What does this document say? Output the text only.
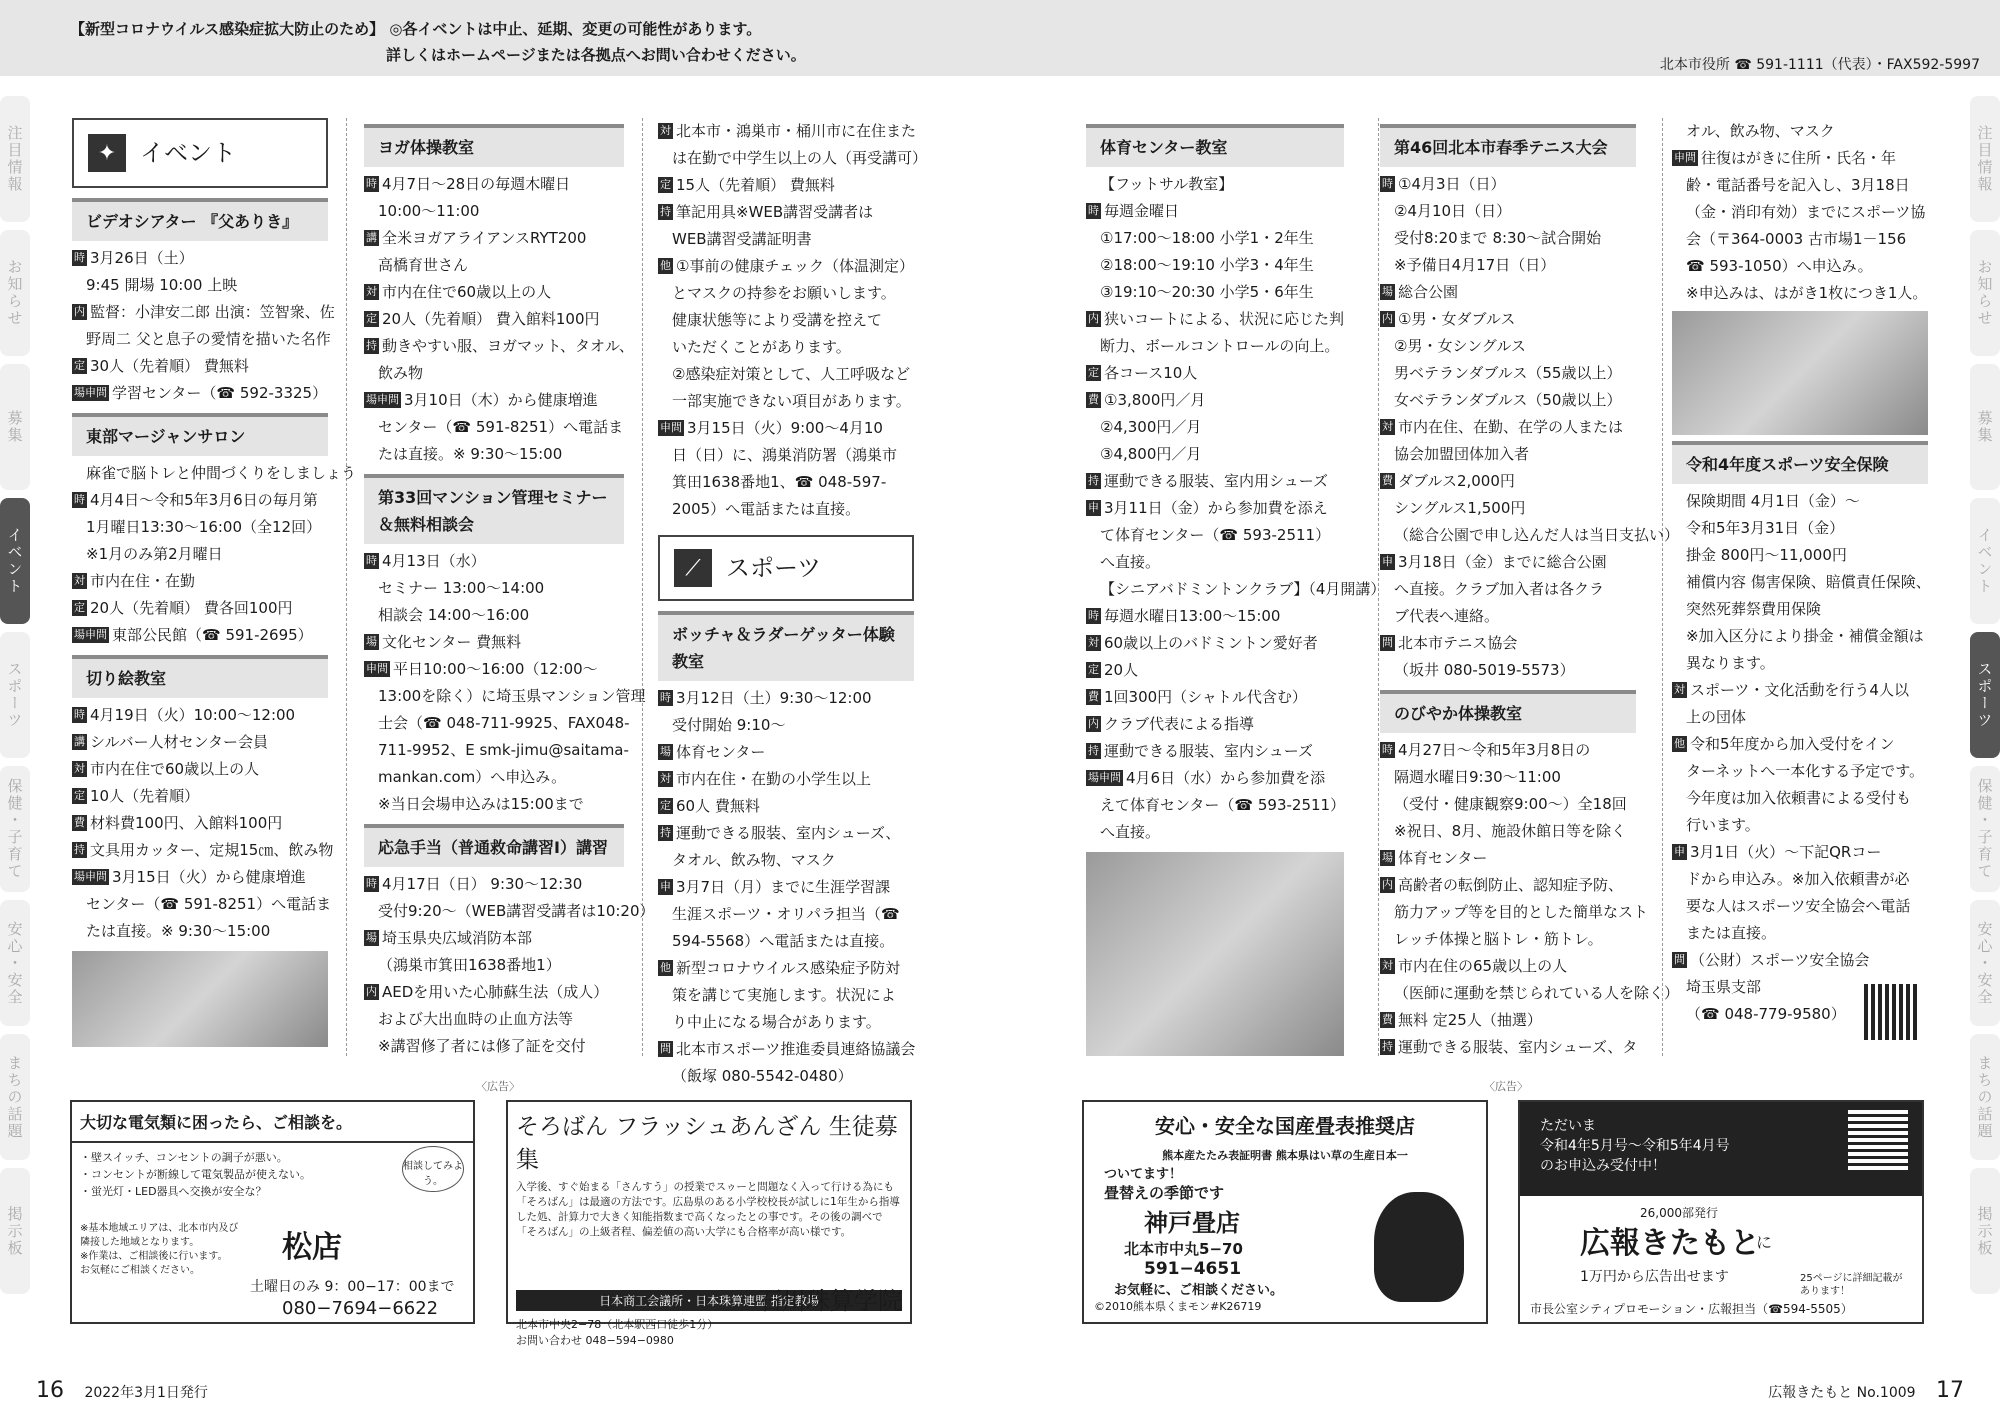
【新型コロナウイルス感染症拡大防止のため】 ◎各イベントは中止、延期、変更の可能性があります。
詳しくはホームページまたは各拠点へお問い合わせください。
北本市役所 ☎ 591-1111（代表）・FAX592-5997
注目情報
お知らせ
募集
イベント
スポーツ
保健・子育て
安心・安全
まちの話題
掲示板
注目情報
お知らせ
募集
イベント
スポーツ
保健・子育て
安心・安全
まちの話題
掲示板
✦ イベント
ビデオシアター 『父ありき』
時 3月26日（土）
9:45 開場 10:00 上映
内 監督：小津安二郎 出演：笠智衆、佐
野周二 父と息子の愛情を描いた名作
定 30人（先着順） 費無料
場申問 学習センター（☎ 592-3325）
東部マージャンサロン
麻雀で脳トレと仲間づくりをしましょう
時 4月4日～令和5年3月6日の毎月第
1月曜日13:30～16:00（全12回）
※1月のみ第2月曜日
対 市内在住・在勤
定 20人（先着順） 費各回100円
場申問 東部公民館（☎ 591-2695）
切り絵教室
時 4月19日（火）10:00～12:00
講 シルバー人材センター会員
対 市内在住で60歳以上の人
定 10人（先着順）
費 材料費100円、入館料100円
持 文具用カッター、定規15㎝、飲み物
場申問 3月15日（火）から健康増進
センター（☎ 591-8251）へ電話ま
たは直接。※ 9:30～15:00
ヨガ体操教室
時 4月7日～28日の毎週木曜日
10:00～11:00
講 全米ヨガアライアンスRYT200
高橋育世さん
対 市内在住で60歳以上の人
定 20人（先着順） 費入館料100円
持 動きやすい服、ヨガマット、タオル、
飲み物
場申問 3月10日（木）から健康増進
センター（☎ 591-8251）へ電話ま
たは直接。※ 9:30～15:00
第33回マンション管理セミナー ＆無料相談会
時 4月13日（水）
セミナー 13:00～14:00
相談会 14:00～16:00
場 文化センター 費無料
申問 平日10:00～16:00（12:00～
13:00を除く）に埼玉県マンション管理
士会（☎ 048-711-9925、FAX048-
711-9952、E smk-jimu@saitama-
mankan.com）へ申込み。
※当日会場申込みは15:00まで
応急手当（普通救命講習Ⅰ）講習
時 4月17日（日） 9:30～12:30
受付9:20～（WEB講習受講者は10:20）
場 埼玉県央広域消防本部
（鴻巣市箕田1638番地1）
内 AEDを用いた心肺蘇生法（成人）
および大出血時の止血方法等
※講習修了者には修了証を交付
対 北本市・鴻巣市・桶川市に在住また
は在勤で中学生以上の人（再受講可）
定 15人（先着順） 費無料
持 筆記用具※WEB講習受講者は
WEB講習受講証明書
他 ①事前の健康チェック（体温測定）
とマスクの持参をお願いします。
健康状態等により受講を控えて
いただくことがあります。
②感染症対策として、人工呼吸など
一部実施できない項目があります。
申問 3月15日（火）9:00～4月10
日（日）に、鴻巣消防署（鴻巣市
箕田1638番地1、☎ 048-597-
2005）へ電話または直接。
⟋	スポーツ
ボッチャ＆ラダーゲッター体験教室
時 3月12日（土）9:30～12:00
受付開始 9:10～
場 体育センター
対 市内在住・在勤の小学生以上
定 60人 費無料
持 運動できる服装、室内シューズ、
タオル、飲み物、マスク
申 3月7日（月）までに生涯学習課
生涯スポーツ・オリパラ担当（☎
594-5568）へ電話または直接。
他 新型コロナウイルス感染症予防対
策を講じて実施します。状況によ
り中止になる場合があります。
問 北本市スポーツ推進委員連絡協議会
（飯塚 080-5542-0480）
体育センター教室
【フットサル教室】
時 毎週金曜日
①17:00～18:00 小学1・2年生
②18:00～19:10 小学3・4年生
③19:10～20:30 小学5・6年生
内 狭いコートによる、状況に応じた判
断力、ボールコントロールの向上。
定 各コース10人
費 ①3,800円／月
②4,300円／月
③4,800円／月
持 運動できる服装、室内用シューズ
申 3月11日（金）から参加費を添え
て体育センター（☎ 593-2511）
へ直接。
【シニアバドミントンクラブ】（4月開講）
時 毎週水曜日13:00～15:00
対 60歳以上のバドミントン愛好者
定 20人
費 1回300円（シャトル代含む）
内 クラブ代表による指導
持 運動できる服装、室内シューズ
場申問 4月6日（水）から参加費を添
えて体育センター（☎ 593-2511）
へ直接。
第46回北本市春季テニス大会
時 ①4月3日（日）
②4月10日（日）
受付8:20まで 8:30～試合開始
※予備日4月17日（日）
場 総合公園
内 ①男・女ダブルス
②男・女シングルス
男ベテランダブルス（55歳以上）
女ベテランダブルス（50歳以上）
対 市内在住、在勤、在学の人または
協会加盟団体加入者
費 ダブルス2,000円
シングルス1,500円
（総合公園で申し込んだ人は当日支払い）
申 3月18日（金）までに総合公園
へ直接。クラブ加入者は各クラ
ブ代表へ連絡。
問 北本市テニス協会
（坂井 080-5019-5573）
のびやか体操教室
時 4月27日～令和5年3月8日の
隔週水曜日9:30～11:00
（受付・健康観察9:00～）全18回
※祝日、8月、施設休館日等を除く
場 体育センター
内 高齢者の転倒防止、認知症予防、
筋力アップ等を目的とした簡単なスト
レッチ体操と脳トレ・筋トレ。
対 市内在住の65歳以上の人
（医師に運動を禁じられている人を除く）
費 無料 定25人（抽選）
持 運動できる服装、室内シューズ、タ
オル、飲み物、マスク
申問 往復はがきに住所・氏名・年
齢・電話番号を記入し、3月18日
（金・消印有効）までにスポーツ協
会（〒364-0003 古市場1－156
☎ 593-1050）へ申込み。
※申込みは、はがき1枚につき1人。
令和4年度スポーツ安全保険
保険期間 4月1日（金）～
令和5年3月31日（金）
掛金 800円～11,000円
補償内容 傷害保険、賠償責任保険、
突然死葬祭費用保険
※加入区分により掛金・補償金額は
異なります。
対 スポーツ・文化活動を行う4人以
上の団体
他 令和5年度から加入受付をイン
ターネットへ一本化する予定です。
今年度は加入依頼書による受付も
行います。
申 3月1日（火）～下記QRコー
ドから申込み。※加入依頼書が必
要な人はスポーツ安全協会へ電話
または直接。
問 （公財）スポーツ安全協会
埼玉県支部
（☎ 048-779-9580）
〈広告〉	〈広告〉
大切な電気類に困ったら、ご相談を。
・壁スイッチ、コンセントの調子が悪い。
・コンセントが断線して電気製品が使えない。
・蛍光灯・LED器具へ交換が安全な？
相談してみよう。
※基本地域エリアは、北本市内及び
隣接した地域となります。
※作業は、ご相談後に行います。
お気軽にご相談ください。
松店
土曜日のみ 9：00−17：00まで
080−7694−6622
そろばん フラッシュあんざん 生徒募集
入学後、すぐ始まる「さんすう」の授業でスゥーと問題なく入って行ける為にも「そろばん」は最適の方法です。広島県のある小学校校長が試しに1年生から指導した処、計算力で大きく知能指数まで高くなったとの事です。その後の調べで「そろばん」の上級者程、偏差値の高い大学にも合格率が高い様です。
日本商工会議所・日本珠算連盟 指定教場
北本市中央2−78（北本駅西口徒歩1分）
お問い合わせ 048−594−0980
石川珠算学院
安心・安全な国産畳表推奨店
熊本産たたみ表証明書 熊本県はい草の生産日本一
ついてます！
畳替えの季節です
神戸畳店
北本市中丸5−70
591−4651
お気軽に、ご相談ください。
©2010熊本県くまモン#K26719
ただいま
令和4年5月号～令和5年4月号
のお申込み受付中！
26,000部発行
広報きたもと
に
1万円から広告出せます	25ページに詳細記載があります！
市長公室シティプロモーション・広報担当（☎594-5505）
16 2022年3月1日発行	広報きたもと No.1009 17
